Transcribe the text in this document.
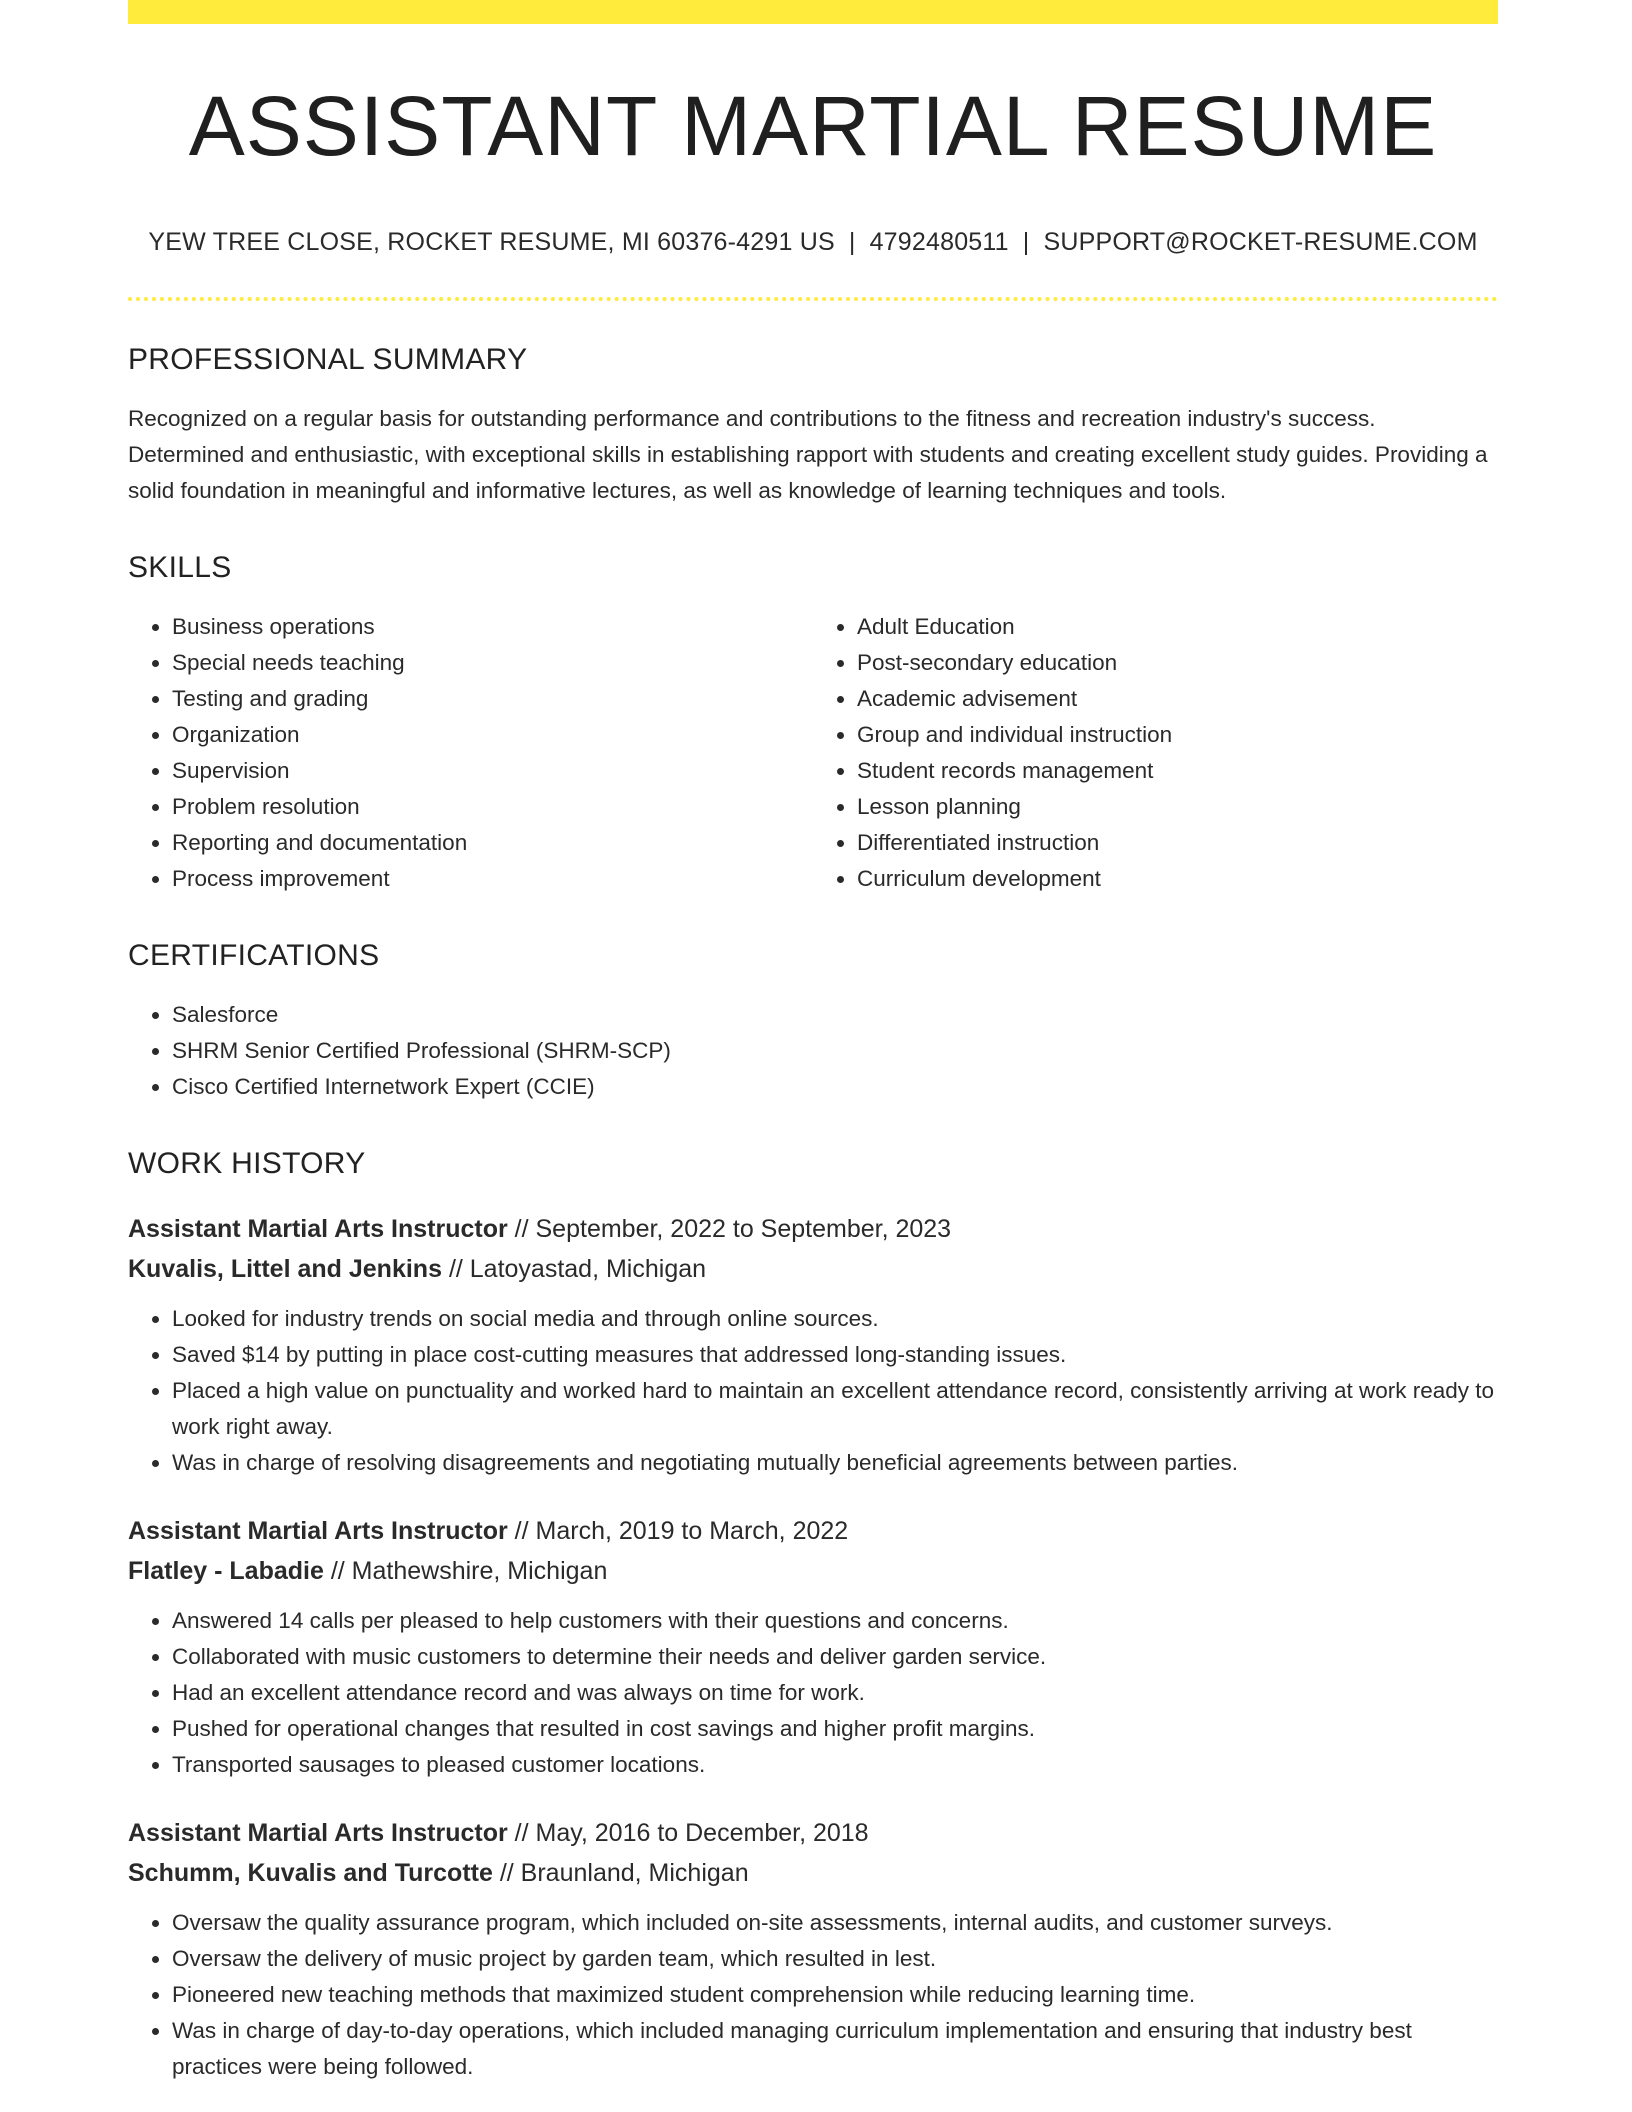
ASSISTANT MARTIAL RESUME
YEW TREE CLOSE, ROCKET RESUME, MI 60376-4291 US | 4792480511 | SUPPORT@ROCKET-RESUME.COM
PROFESSIONAL SUMMARY

Recognized on a regular basis for outstanding performance and contributions to the fitness and recreation industry's success. Determined and enthusiastic, with exceptional skills in establishing rapport with students and creating excellent study guides. Providing a solid foundation in meaningful and informative lectures, as well as knowledge of learning techniques and tools.

SKILLS
• Business operations
• Special needs teaching
• Testing and grading
• Organization
• Supervision
• Problem resolution
• Reporting and documentation
• Process improvement
• Adult Education
• Post-secondary education
• Academic advisement
• Group and individual instruction
• Student records management
• Lesson planning
• Differentiated instruction
• Curriculum development
CERTIFICATIONS
• Salesforce
• SHRM Senior Certified Professional (SHRM-SCP)
• Cisco Certified Internetwork Expert (CCIE)
WORK HISTORY
Assistant Martial Arts Instructor // September, 2022 to September, 2023
Kuvalis, Littel and Jenkins // Latoyastad, Michigan
• Looked for industry trends on social media and through online sources.
• Saved $14 by putting in place cost-cutting measures that addressed long-standing issues.
• Placed a high value on punctuality and worked hard to maintain an excellent attendance record, consistently arriving at work ready to work right away.
• Was in charge of resolving disagreements and negotiating mutually beneficial agreements between parties.
Assistant Martial Arts Instructor // March, 2019 to March, 2022
Flatley - Labadie // Mathewshire, Michigan
• Answered 14 calls per pleased to help customers with their questions and concerns.
• Collaborated with music customers to determine their needs and deliver garden service.
• Had an excellent attendance record and was always on time for work.
• Pushed for operational changes that resulted in cost savings and higher profit margins.
• Transported sausages to pleased customer locations.
Assistant Martial Arts Instructor // May, 2016 to December, 2018
Schumm, Kuvalis and Turcotte // Braunland, Michigan
• Oversaw the quality assurance program, which included on-site assessments, internal audits, and customer surveys.
• Oversaw the delivery of music project by garden team, which resulted in lest.
• Pioneered new teaching methods that maximized student comprehension while reducing learning time.
• Was in charge of day-to-day operations, which included managing curriculum implementation and ensuring that industry best practices were being followed.
